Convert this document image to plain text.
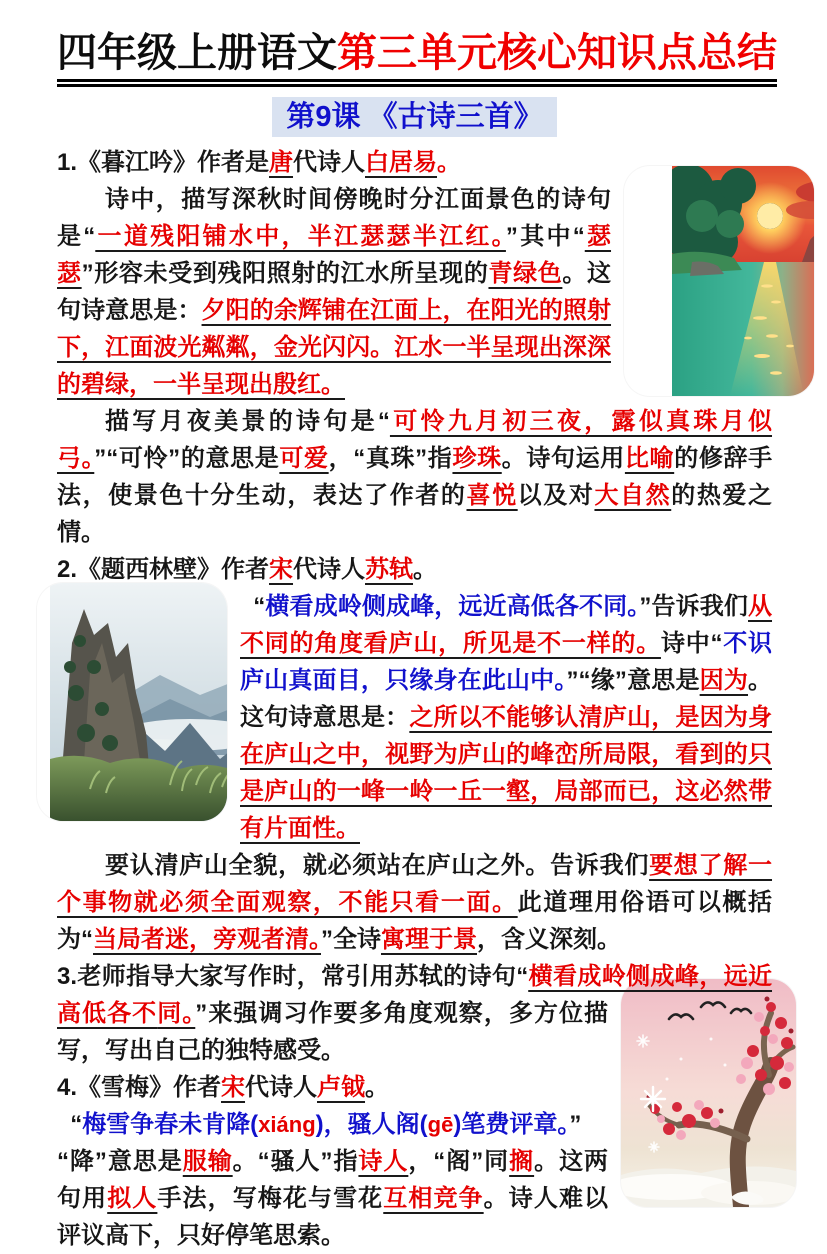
四年级上册语文第三单元核心知识点总结
第9课 《古诗三首》

1.《暮江吟》作者是唐代诗人白居易。

诗中，描写深秋时间傍晚时分江面景色的诗句是“一道残阳铺水中，半江瑟瑟半江红。”其中“瑟瑟”形容未受到残阳照射的江水所呈现的青绿色。这句诗意思是：夕阳的余辉铺在江面上，在阳光的照射下，江面波光粼粼，金光闪闪。江水一半呈现出深深的碧绿，一半呈现出殷红。

描写月夜美景的诗句是“可怜九月初三夜，露似真珠月似弓。”“可怜”的意思是可爱，“真珠”指珍珠。诗句运用比喻的修辞手法，使景色十分生动，表达了作者的喜悦以及对大自然的热爱之情。

2.《题西林壁》作者宋代诗人苏轼。

“横看成岭侧成峰，远近高低各不同。”告诉我们从不同的角度看庐山，所见是不一样的。诗中“不识庐山真面目，只缘身在此山中。”“缘”意思是因为。这句诗意思是：之所以不能够认清庐山，是因为身在庐山之中，视野为庐山的峰峦所局限，看到的只是庐山的一峰一岭一丘一壑，局部而已，这必然带有片面性。

要认清庐山全貌，就必须站在庐山之外。告诉我们要想了解一个事物就必须全面观察，不能只看一面。此道理用俗语可以概括为“当局者迷，旁观者清。”全诗寓理于景，含义深刻。

3.老师指导大家写作时，常引用苏轼的诗句“横看成岭侧成峰，远近高低各不
同。”来强调习作要多角度观察，多方位描写，写出自己的独特感受。

4.《雪梅》作者宋代诗人卢钺。

“梅雪争春未肯降(xiáng)，骚人阁(gē)笔费评章。”

“降”意思是服输。“骚人”指诗人，“阁”同搁。这两句用拟人手法，写梅花与雪花互相竞争。诗人难以评议高下，只好停笔思索。
